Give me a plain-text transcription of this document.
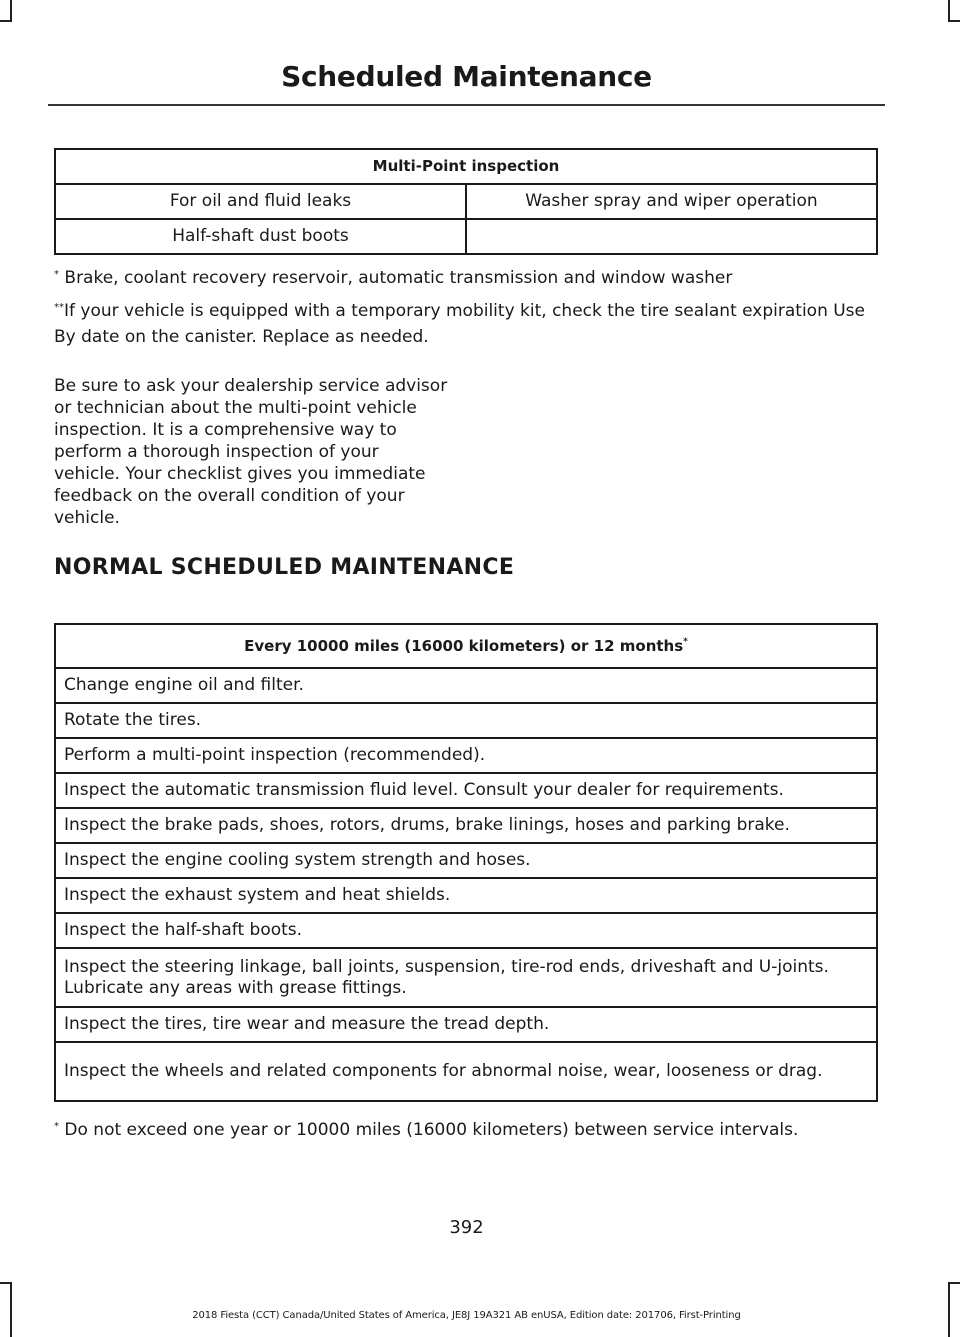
Scheduled Maintenance
Multi-Point inspection	
For oil and fluid leaks	Washer spray and wiper operation
Half-shaft dust boots	
* Brake, coolant recovery reservoir, automatic transmission and window washer
**If your vehicle is equipped with a temporary mobility kit, check the tire sealant expiration Use By date on the canister. Replace as needed.
Be sure to ask your dealership service advisor or technician about the multi-point vehicle inspection. It is a comprehensive way to perform a thorough inspection of your vehicle. Your checklist gives you immediate feedback on the overall condition of your vehicle.
NORMAL SCHEDULED MAINTENANCE
Every 10000 miles (16000 kilometers) or 12 months*
Change engine oil and filter.
Rotate the tires.
Perform a multi-point inspection (recommended).
Inspect the automatic transmission fluid level. Consult your dealer for requirements.
Inspect the brake pads, shoes, rotors, drums, brake linings, hoses and parking brake.
Inspect the engine cooling system strength and hoses.
Inspect the exhaust system and heat shields.
Inspect the half-shaft boots.
Inspect the steering linkage, ball joints, suspension, tire-rod ends, driveshaft and U-joints. Lubricate any areas with grease fittings.
Inspect the tires, tire wear and measure the tread depth.
Inspect the wheels and related components for abnormal noise, wear, looseness or drag.
* Do not exceed one year or 10000 miles (16000 kilometers) between service intervals.
392
2018 Fiesta (CCT) Canada/United States of America, JE8J 19A321 AB enUSA, Edition date: 201706, First-Printing
